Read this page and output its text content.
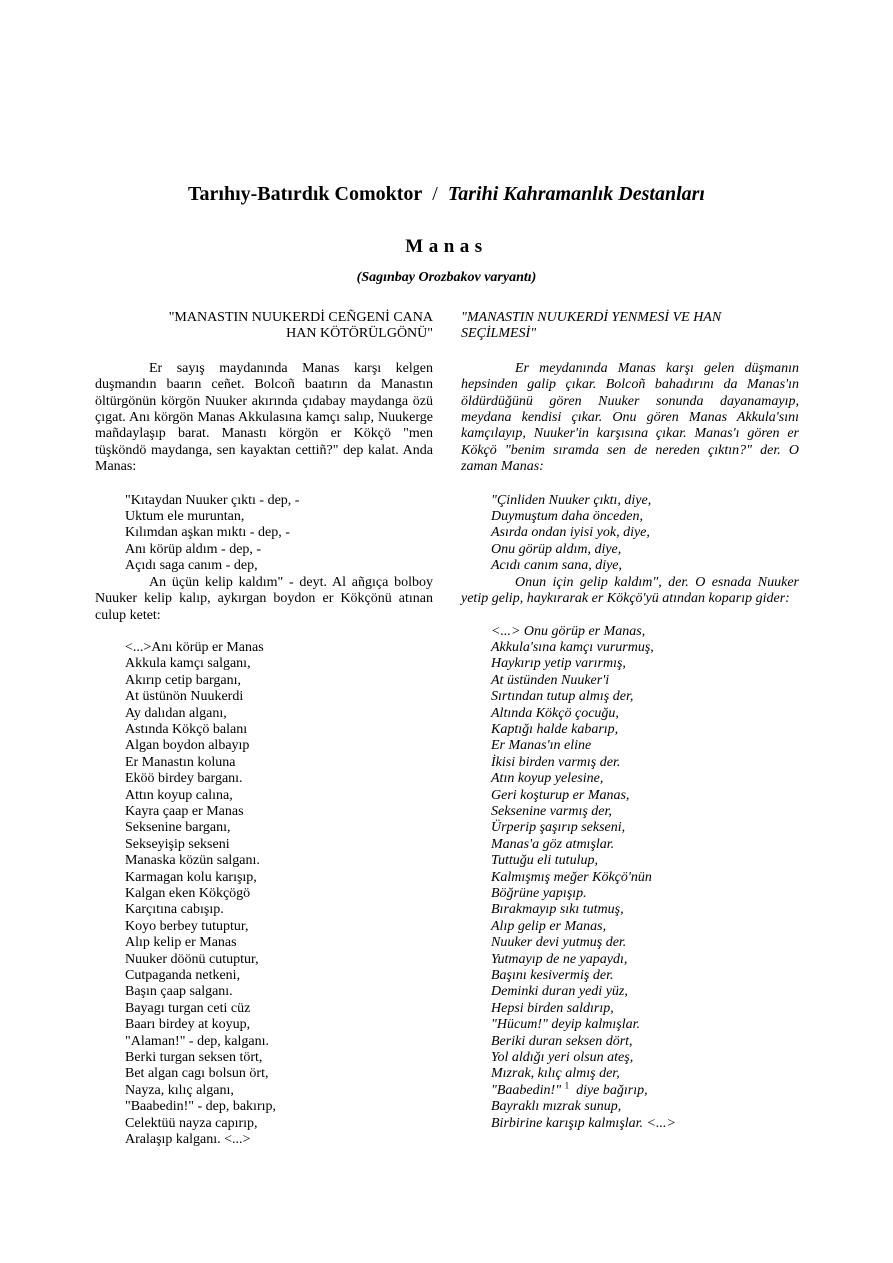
Tarıhıy-Batırdık Comoktor / Tarihi Kahramanlık Destanları
Manas
(Sagınbay Orozbakov varyantı)
"MANASTIN NUUKERDİ CEÑGENİ CANA
HAN KÖTÖRÜLGÖNÜ"

Er sayış maydanında Manas karşı kelgen duşmandın baarın ceñet. Bolcoñ baatırın da Manastın öltürgönün körgön Nuuker akırında çıdabay maydanga özü çıgat. Anı körgön Manas Akkulasına kamçı salıp, Nuukerge mañdaylaşıp barat. Manastı körgön er Kökçö "men tüşköndö maydanga, sen kayaktan cettiñ?" dep kalat. Anda Manas:

"Kıtaydan Nuuker çıktı - dep, -
Uktum ele muruntan,
Kılımdan aşkan mıktı - dep, -
Anı körüp aldım - dep, -
Açıdı saga canım - dep,

An üçün kelip kaldım" - deyt. Al añgıça bolboy Nuuker kelip kalıp, aykırgan boydon er Kökçönü atınan culup ketet:

<...>Anı körüp er Manas
Akkula kamçı salganı,
Akırıp cetip barganı,
At üstünön Nuukerdi
Ay dalıdan alganı,
Astında Kökçö balanı
Algan boydon albayıp
Er Manastın koluna
Eköö birdey barganı.
Attın koyup calına,
Kayra çaap er Manas
Seksenine barganı,
Sekseyişip sekseni
Manaska közün salganı.
Karmagan kolu karışıp,
Kalgan eken Kökçögö
Karçıtına cabışıp.
Koyo berbey tutuptur,
Alıp kelip er Manas
Nuuker döönü cutuptur,
Cutpaganda netkeni,
Başın çaap salganı.
Bayagı turgan ceti cüz
Baarı birdey at koyup,
"Alaman!" - dep, kalganı.
Berki turgan seksen tört,
Bet algan cagı bolsun ört,
Nayza, kılıç alganı,
"Baabedin!" - dep, bakırıp,
Celektüü nayza capırıp,
Aralaşıp kalganı. <...>
"MANASTIN NUUKERDİ YENMESİ VE HAN
SEÇİLMESİ"

Er meydanında Manas karşı gelen düşmanın hepsinden galip çıkar. Bolcoñ bahadırını da Manas'ın öldürdüğünü gören Nuuker sonunda dayanamayıp, meydana kendisi çıkar. Onu gören Manas Akkula'sını kamçılayıp, Nuuker'in karşısına çıkar. Manas'ı gören er Kökçö "benim sıramda sen de nereden çıktın?" der. O zaman Manas:

"Çinliden Nuuker çıktı, diye,
Duymuştum daha önceden,
Asırda ondan iyisi yok, diye,
Onu görüp aldım, diye,
Acıdı canım sana, diye,

Onun için gelip kaldım", der. O esnada Nuuker yetip gelip, haykırarak er Kökçö'yü atından koparıp gider:

<...> Onu görüp er Manas,
Akkula'sına kamçı vururmuş,
Haykırıp yetip varırmış,
At üstünden Nuuker'i
Sırtından tutup almış der,
Altında Kökçö çocuğu,
Kaptığı halde kabarıp,
Er Manas'ın eline
İkisi birden varmış der.
Atın koyup yelesine,
Geri koşturup er Manas,
Seksenine varmış der,
Ürperip şaşırıp sekseni,
Manas'a göz atmışlar.
Tuttuğu eli tutulup,
Kalmışmış meğer Kökçö'nün
Böğrüne yapışıp.
Bırakmayıp sıkı tutmuş,
Alıp gelip er Manas,
Nuuker devi yutmuş der.
Yutmayıp de ne yapaydı,
Başını kesivermiş der.
Deminki duran yedi yüz,
Hepsi birden saldırıp,
"Hücum!" deyip kalmışlar.
Beriki duran seksen dört,
Yol aldığı yeri olsun ateş,
Mızrak, kılıç almış der,
"Baabedin!" $^1$ diye bağırıp,
Bayraklı mızrak sunup,
Birbirine karışıp kalmışlar. <...>
